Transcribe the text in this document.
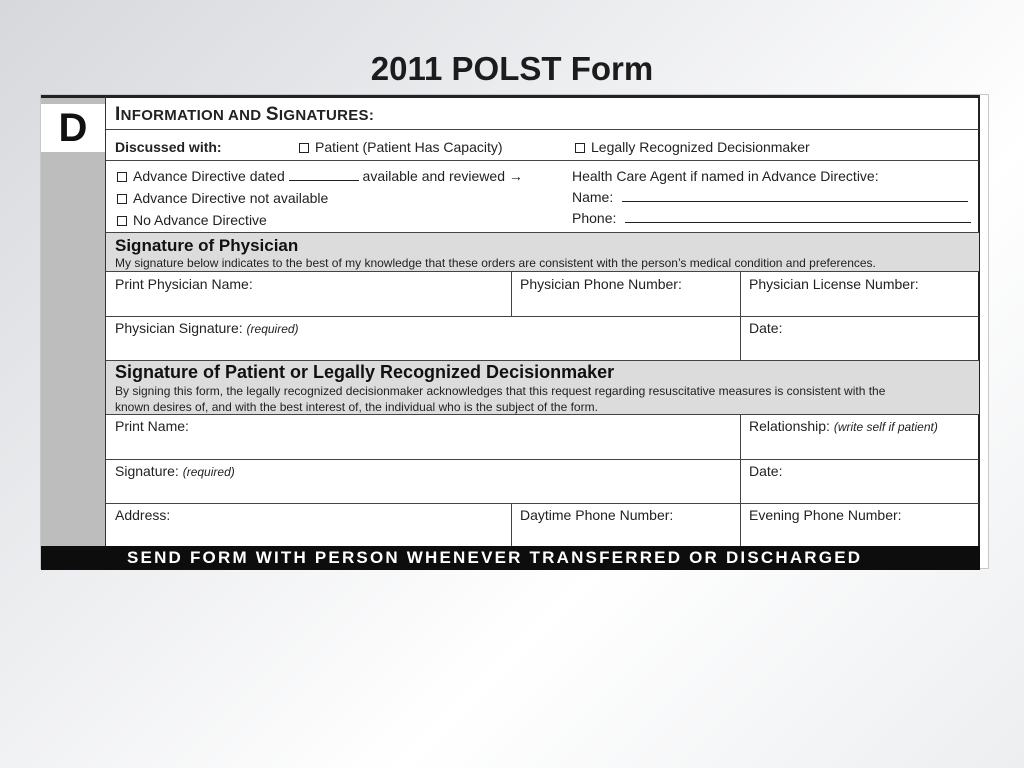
2011 POLST Form
D	INFORMATION AND SIGNATURES:
Discussed with:	Patient (Patient Has Capacity)	Legally Recognized Decisionmaker
Advance Directive dated	available and reviewed →
Advance Directive not available
No Advance Directive
Health Care Agent if named in Advance Directive:
Name:
Phone:
Signature of Physician
My signature below indicates to the best of my knowledge that these orders are consistent with the person’s medical condition and preferences.
Print Physician Name:	Physician Phone Number:	Physician License Number:
Physician Signature: (required)	Date:
Signature of Patient or Legally Recognized Decisionmaker
By signing this form, the legally recognized decisionmaker acknowledges that this request regarding resuscitative measures is consistent with the
known desires of, and with the best interest of, the individual who is the subject of the form.
Print Name:	Relationship: (write self if patient)
Signature: (required)	Date:
Address:	Daytime Phone Number:	Evening Phone Number:
SEND FORM WITH PERSON WHENEVER TRANSFERRED OR DISCHARGED
